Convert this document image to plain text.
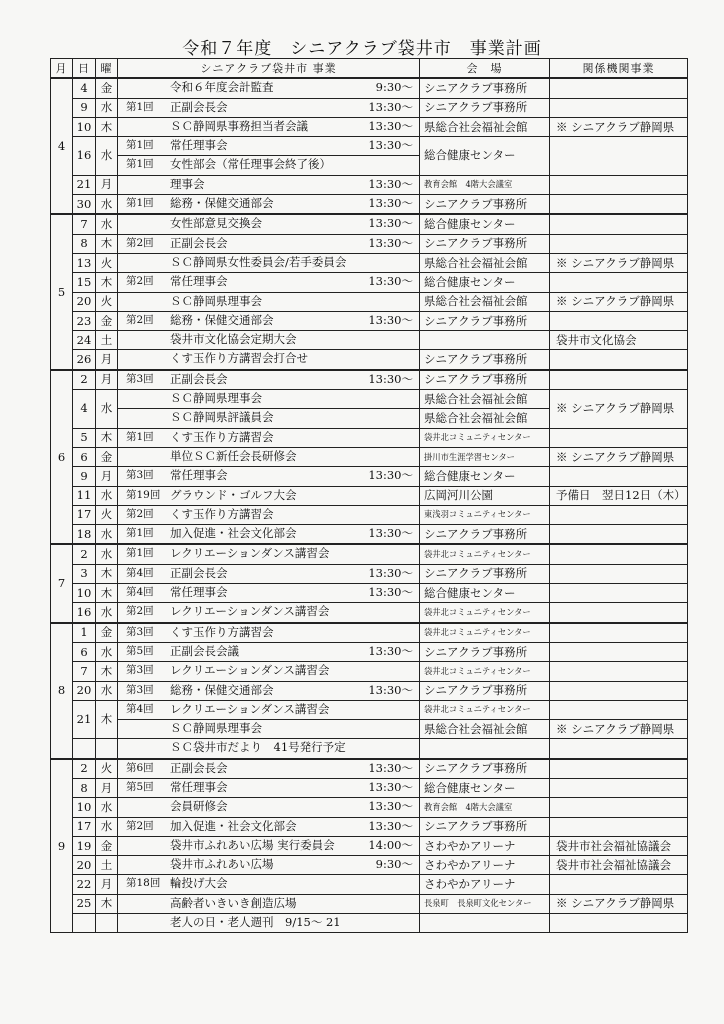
令和７年度　シニアクラブ袋井市　事業計画
月	日	曜	シニアクラブ袋井市 事業	会　場	関係機関事業
4	4	金	令和６年度会計監査 9:30～	シニアクラブ事務所	
	9	水	第1回 正副会長会 13:30～	シニアクラブ事務所	
	10	木	ＳＣ静岡県事務担当者会議 13:30～	県総合社会福祉会館	※ シニアクラブ静岡県
	16	水	第1回 常任理事会 13:30～	総合健康センター	

			第1回 女性部会（常任理事会終了後）		

	21	月	理事会 13:30～	教育会館　4階大会議室	
	30	水	第1回 総務・保健交通部会 13:30～	シニアクラブ事務所	
5	7	水	女性部意見交換会 13:30～	総合健康センター	
	8	木	第2回 正副会長会 13:30～	シニアクラブ事務所	
	13	火	ＳＣ静岡県女性委員会/若手委員会	県総合社会福祉会館	※ シニアクラブ静岡県
	15	木	第2回 常任理事会 13:30～	総合健康センター	
	20	火	ＳＣ静岡県理事会	県総合社会福祉会館	※ シニアクラブ静岡県
	23	金	第2回 総務・保健交通部会 13:30～	シニアクラブ事務所	
	24	土	袋井市文化協会定期大会		袋井市文化協会
	26	月	くす玉作り方講習会打合せ	シニアクラブ事務所	
6	2	月	第3回 正副会長会 13:30～	シニアクラブ事務所	
	4	水	ＳＣ静岡県理事会	県総合社会福祉会館	※ シニアクラブ静岡県

			ＳＣ静岡県評議員会	県総合社会福祉会館	
	5	木	第1回 くす玉作り方講習会	袋井北コミュニティセンター	
	6	金	単位ＳＣ新任会長研修会	掛川市生涯学習センター	※ シニアクラブ静岡県
	9	月	第3回 常任理事会 13:30～	総合健康センター	
	11	水	第19回 グラウンド・ゴルフ大会	広岡河川公園	予備日　翌日12日（木）
	17	火	第2回 くす玉作り方講習会	東浅羽コミュニティセンター	
	18	水	第1回 加入促進・社会文化部会 13:30～	シニアクラブ事務所	
7	2	水	第1回 レクリエーションダンス講習会	袋井北コミュニティセンター	
	3	木	第4回 正副会長会 13:30～	シニアクラブ事務所	
	10	木	第4回 常任理事会 13:30～	総合健康センター	
	16	水	第2回 レクリエーションダンス講習会	袋井北コミュニティセンター	
8	1	金	第3回 くす玉作り方講習会	袋井北コミュニティセンター	
	6	水	第5回 正副会長会議 13:30～	シニアクラブ事務所	
	7	木	第3回 レクリエーションダンス講習会	袋井北コミュニティセンター	
	20	水	第3回 総務・保健交通部会 13:30～	シニアクラブ事務所	
	21	木	第4回 レクリエーションダンス講習会	袋井北コミュニティセンター	

			ＳＣ静岡県理事会	県総合社会福祉会館	※ シニアクラブ静岡県

			ＳＣ袋井市だより　41号発行予定		

9	2	火	第6回 正副会長会 13:30～	シニアクラブ事務所	
	8	月	第5回 常任理事会 13:30～	総合健康センター	
	10	水	会員研修会 13:30～	教育会館　4階大会議室	
	17	水	第2回 加入促進・社会文化部会 13:30～	シニアクラブ事務所	
	19	金	袋井市ふれあい広場 実行委員会 14:00～	さわやかアリーナ	袋井市社会福祉協議会
	20	土	袋井市ふれあい広場 9:30～	さわやかアリーナ	袋井市社会福祉協議会
	22	月	第18回 輪投げ大会	さわやかアリーナ	
	25	木	高齢者いきいき創造広場	長泉町　長泉町文化センター	※ シニアクラブ静岡県

			老人の日・老人週刊　9/15～ 21		
